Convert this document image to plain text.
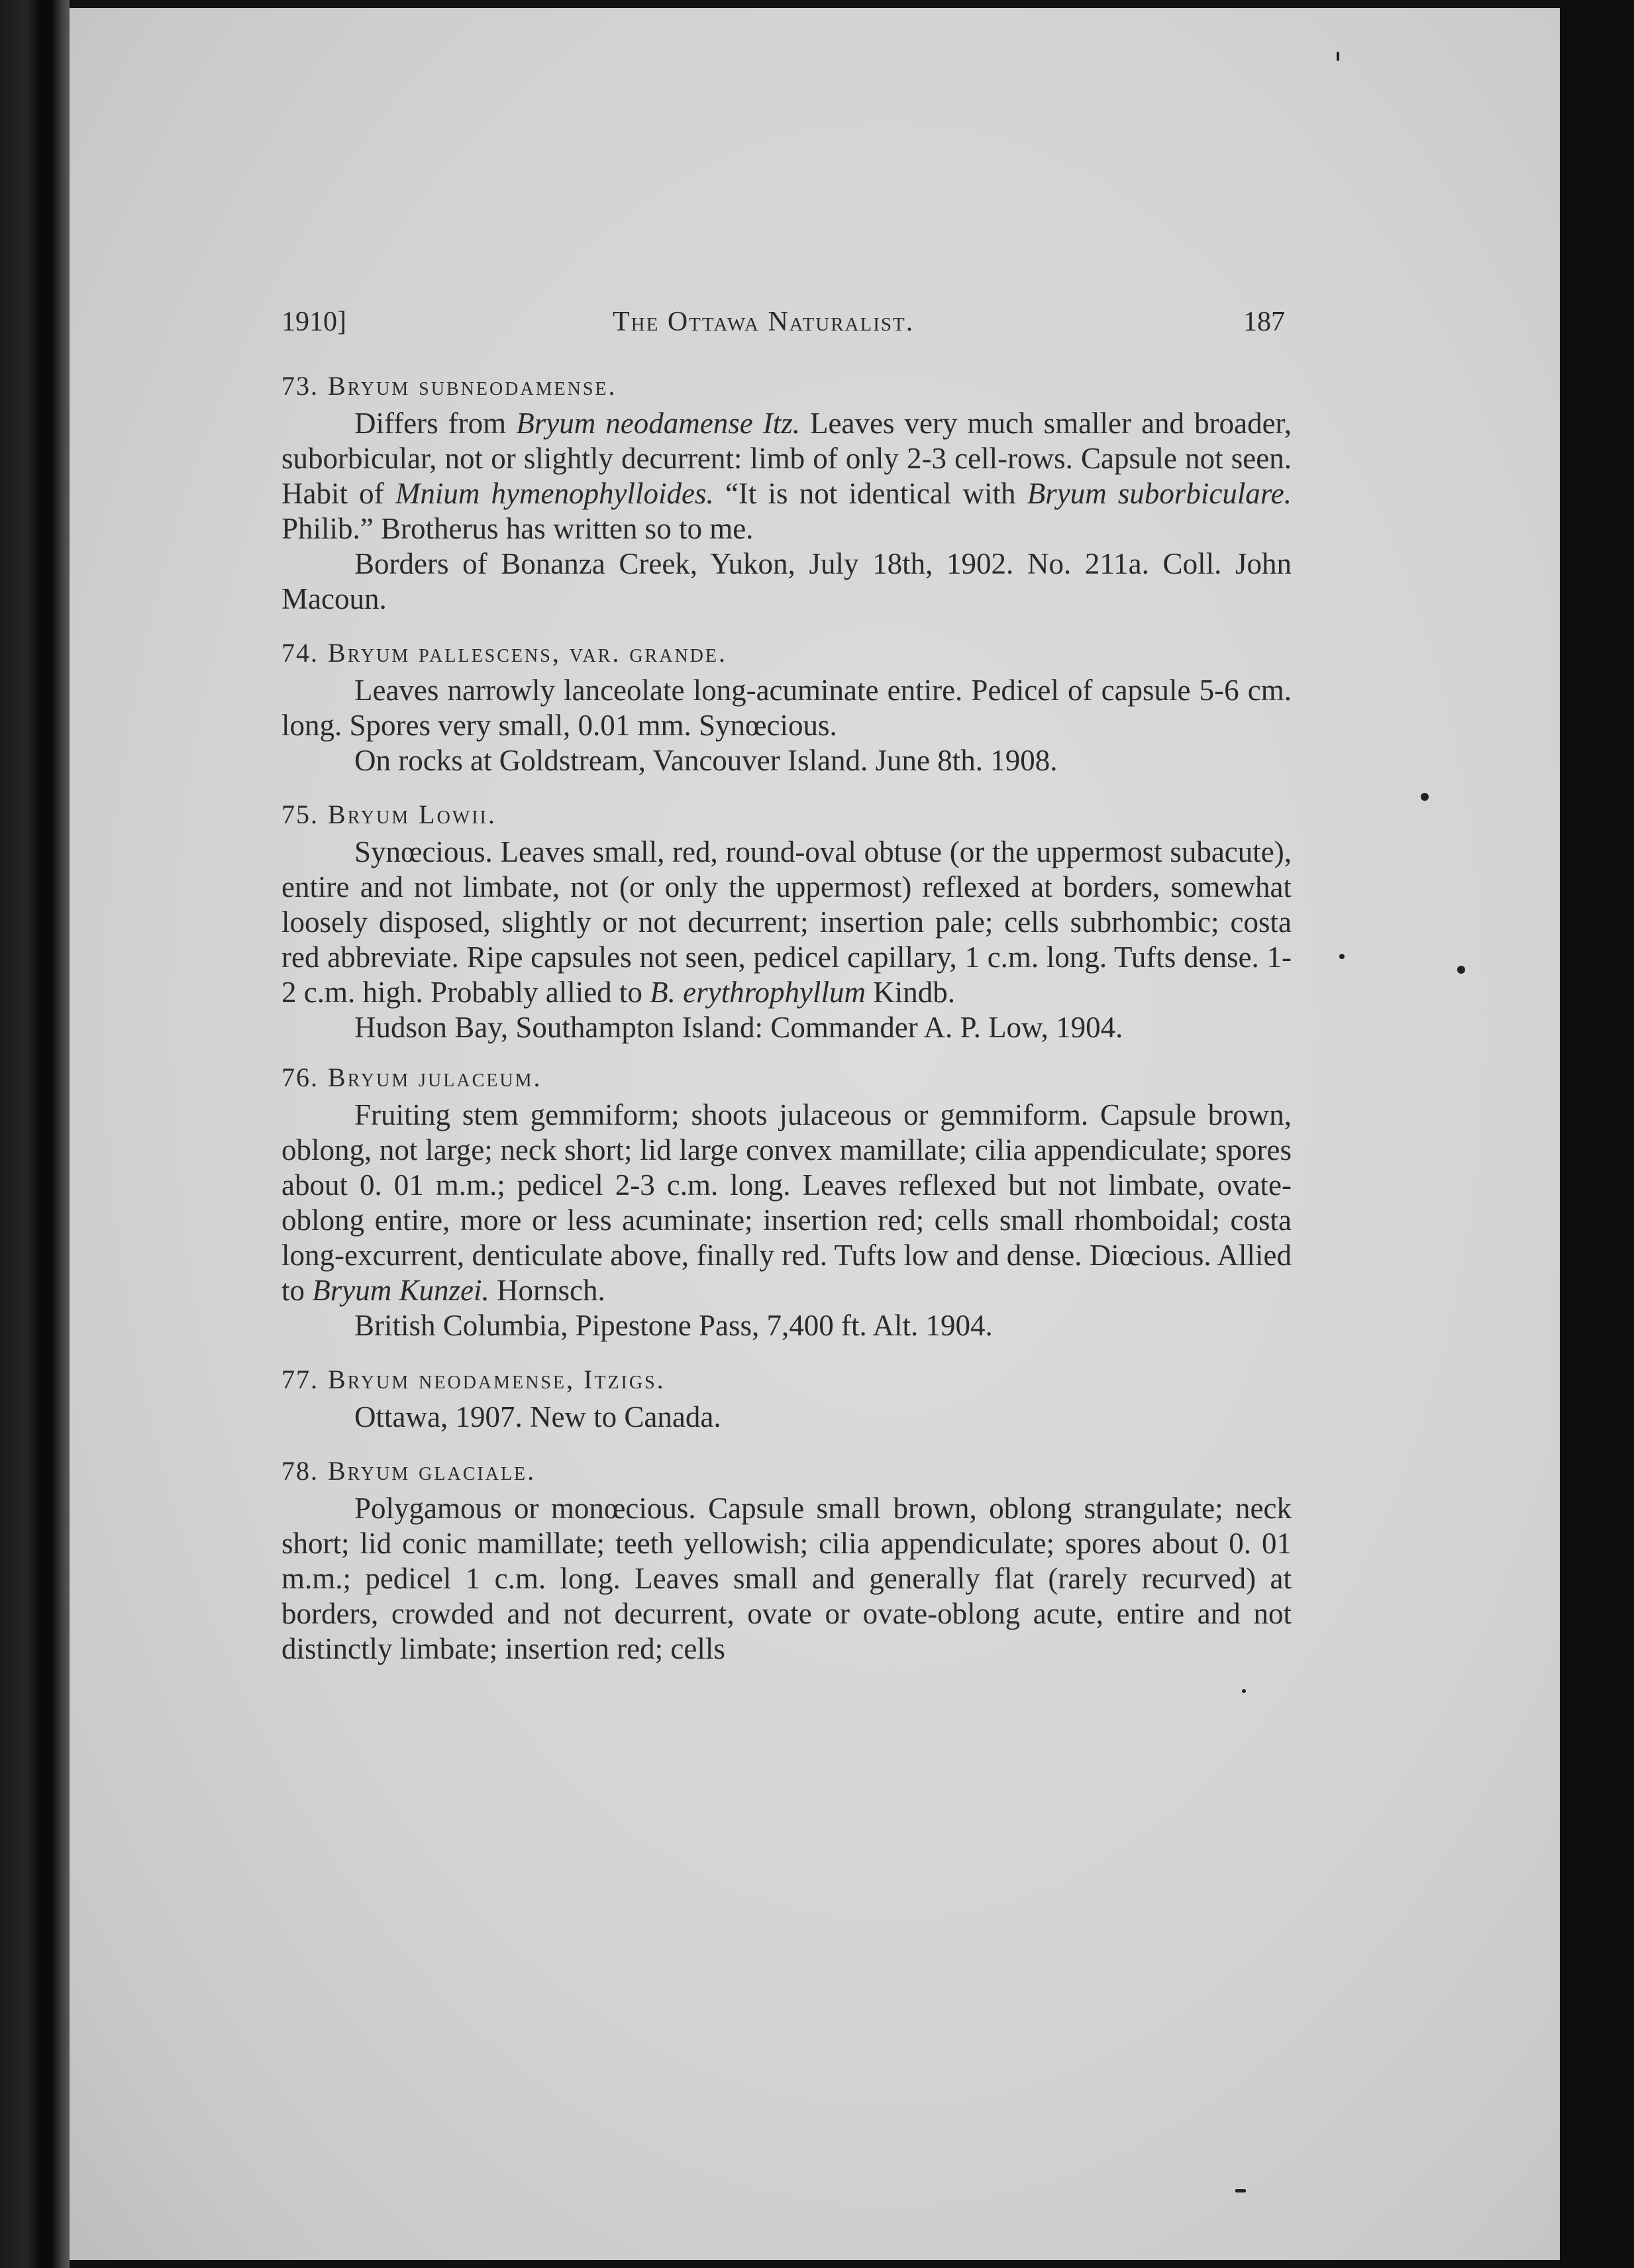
1910]	The Ottawa Naturalist.	187
73. Bryum subneodamense.

Differs from Bryum neodamense Itz. Leaves very much smaller and broader, suborbicular, not or slightly decurrent: limb of only 2-3 cell-rows. Capsule not seen. Habit of Mnium hymenophylloides. “It is not identical with Bryum suborbiculare. Philib.” Brotherus has written so to me.

Borders of Bonanza Creek, Yukon, July 18th, 1902. No. 211a. Coll. John Macoun.

74. Bryum pallescens, var. grande.

Leaves narrowly lanceolate long-acuminate entire. Pedicel of capsule 5-6 cm. long. Spores very small, 0.01 mm. Synœcious.

On rocks at Goldstream, Vancouver Island. June 8th. 1908.

75. Bryum Lowii.

Synœcious. Leaves small, red, round-oval obtuse (or the uppermost subacute), entire and not limbate, not (or only the uppermost) reflexed at borders, somewhat loosely disposed, slightly or not decurrent; insertion pale; cells subrhombic; costa red abbreviate. Ripe capsules not seen, pedicel capillary, 1 c.m. long. Tufts dense. 1-2 c.m. high. Probably allied to B. erythrophyllum Kindb.

Hudson Bay, Southampton Island: Commander A. P. Low, 1904.

76. Bryum julaceum.

Fruiting stem gemmiform; shoots julaceous or gemmiform. Capsule brown, oblong, not large; neck short; lid large convex mamillate; cilia appendiculate; spores about 0. 01 m.m.; pedicel 2-3 c.m. long. Leaves reflexed but not limbate, ovate-oblong entire, more or less acuminate; insertion red; cells small rhomboidal; costa long-excurrent, denticulate above, finally red. Tufts low and dense. Diœcious. Allied to Bryum Kunzei. Hornsch.

British Columbia, Pipestone Pass, 7,400 ft. Alt. 1904.

77. Bryum neodamense, Itzigs.

Ottawa, 1907. New to Canada.

78. Bryum glaciale.

Polygamous or monœcious. Capsule small brown, oblong strangulate; neck short; lid conic mamillate; teeth yellowish; cilia appendiculate; spores about 0. 01 m.m.; pedicel 1 c.m. long. Leaves small and generally flat (rarely recurved) at borders, crowded and not decurrent, ovate or ovate-oblong acute, entire and not distinctly limbate; insertion red; cells
